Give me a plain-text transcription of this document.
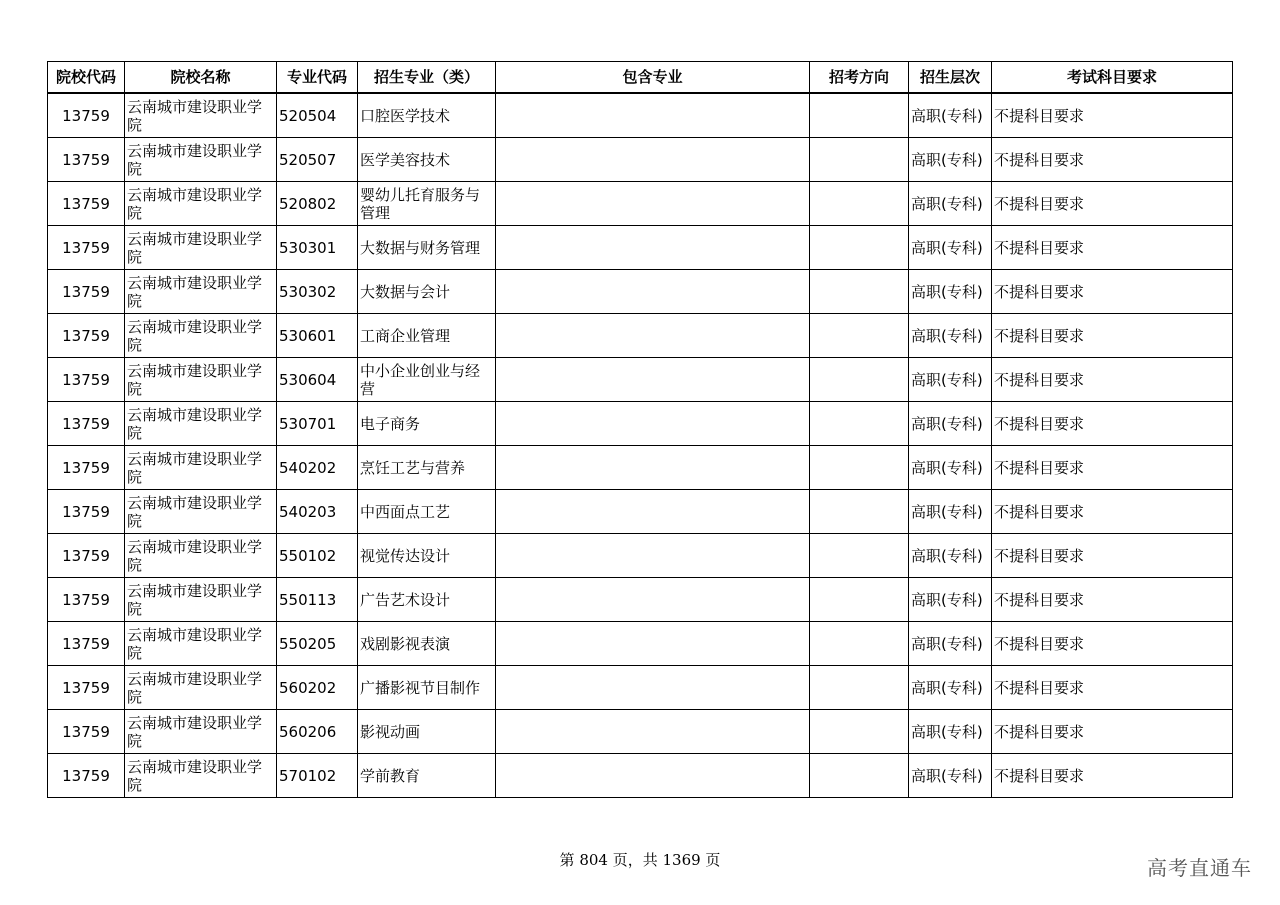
院校代码	院校名称	专业代码	招生专业（类）	包含专业	招考方向	招生层次	考试科目要求
13759	云南城市建设职业学院	520504	口腔医学技术			高职(专科)	不提科目要求
13759	云南城市建设职业学院	520507	医学美容技术			高职(专科)	不提科目要求
13759	云南城市建设职业学院	520802	婴幼儿托育服务与管理			高职(专科)	不提科目要求
13759	云南城市建设职业学院	530301	大数据与财务管理			高职(专科)	不提科目要求
13759	云南城市建设职业学院	530302	大数据与会计			高职(专科)	不提科目要求
13759	云南城市建设职业学院	530601	工商企业管理			高职(专科)	不提科目要求
13759	云南城市建设职业学院	530604	中小企业创业与经营			高职(专科)	不提科目要求
13759	云南城市建设职业学院	530701	电子商务			高职(专科)	不提科目要求
13759	云南城市建设职业学院	540202	烹饪工艺与营养			高职(专科)	不提科目要求
13759	云南城市建设职业学院	540203	中西面点工艺			高职(专科)	不提科目要求
13759	云南城市建设职业学院	550102	视觉传达设计			高职(专科)	不提科目要求
13759	云南城市建设职业学院	550113	广告艺术设计			高职(专科)	不提科目要求
13759	云南城市建设职业学院	550205	戏剧影视表演			高职(专科)	不提科目要求
13759	云南城市建设职业学院	560202	广播影视节目制作			高职(专科)	不提科目要求
13759	云南城市建设职业学院	560206	影视动画			高职(专科)	不提科目要求
13759	云南城市建设职业学院	570102	学前教育			高职(专科)	不提科目要求
第 804 页，共 1369 页	高考直通车
